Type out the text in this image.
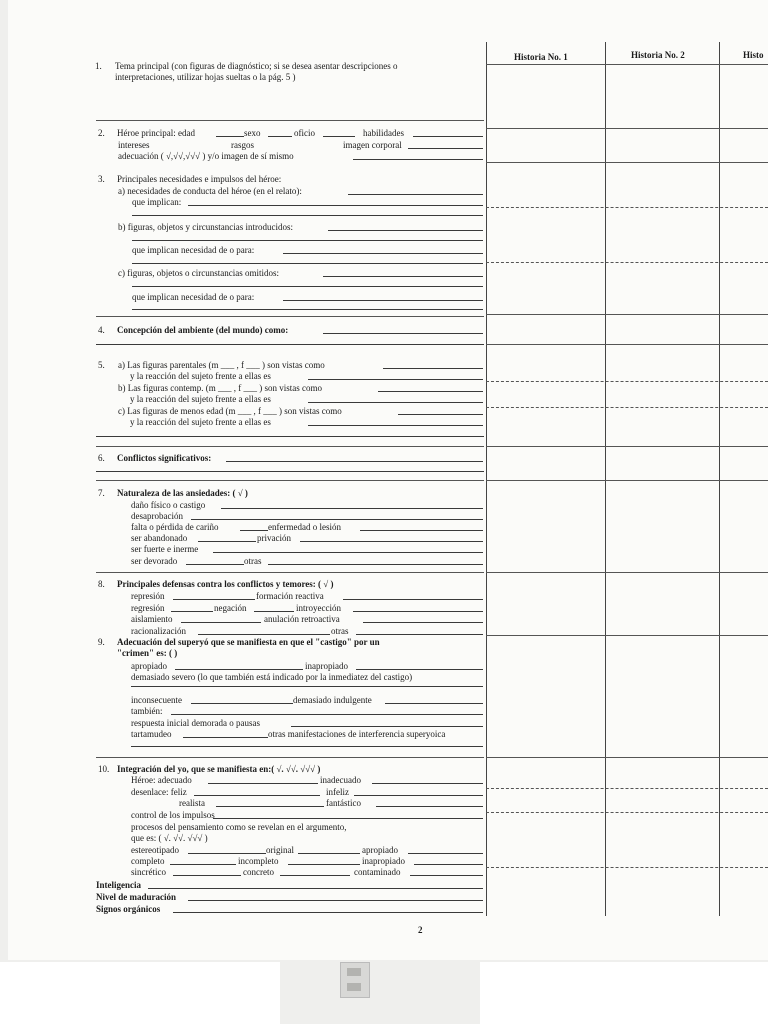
Historia No. 1	Historia No. 2	Histo
1. Tema principal (con figuras de diagnóstico; si se desea asentar descripciones o
interpretaciones, utilizar hojas sueltas o la pág. 5 )
2. Héroe principal: edad	sexo	oficio	habilidades
intereses	rasgos	imagen corporal
adecuación ( √,√√,√√√ ) y/o imagen de sí mismo
3. Principales necesidades e impulsos del héroe:
a) necesidades de conducta del héroe (en el relato):
que implican:
b) figuras, objetos y circunstancias introducidos:
que implican necesidad de o para:
c) figuras, objetos o circunstancias omitidos:
que implican necesidad de o para:
4. Concepción del ambiente (del mundo) como:
5. a) Las figuras parentales (m ___ , f ___ ) son vistas como
y la reacción del sujeto frente a ellas es
b) Las figuras contemp. (m ___ , f ___ ) son vistas como
y la reacción del sujeto frente a ellas es
c) Las figuras de menos edad (m ___ , f ___ ) son vistas como
y la reacción del sujeto frente a ellas es
6. Conflictos significativos:
7. Naturaleza de las ansiedades: ( √ )
daño físico o castigo
desaprobación
falta o pérdida de cariño	enfermedad o lesión
ser abandonado	privación
ser fuerte e inerme
ser devorado	otras
8. Principales defensas contra los conflictos y temores: ( √ )
represión	formación reactiva
regresión	negación	introyección
aislamiento	anulación retroactiva
racionalización	otras
9. Adecuación del superyó que se manifiesta en que el "castigo" por un
"crimen" es: ( )
apropiado	inapropiado
demasiado severo (lo que también está indicado por la inmediatez del castigo)
inconsecuente	demasiado indulgente
también:
respuesta inicial demorada o pausas
tartamudeo	otras manifestaciones de interferencia superyoica
10. Integración del yo, que se manifiesta en:( √. √√. √√√ )
Héroe: adecuado	inadecuado
desenlace: feliz	infeliz
realista	fantástico
control de los impulsos
procesos del pensamiento como se revelan en el argumento,
que es: ( √. √√. √√√ )
estereotipado	original	apropiado
completo	incompleto	inapropiado
sincrético	concreto	contaminado
Inteligencia
Nivel de maduración
Signos orgánicos
2
